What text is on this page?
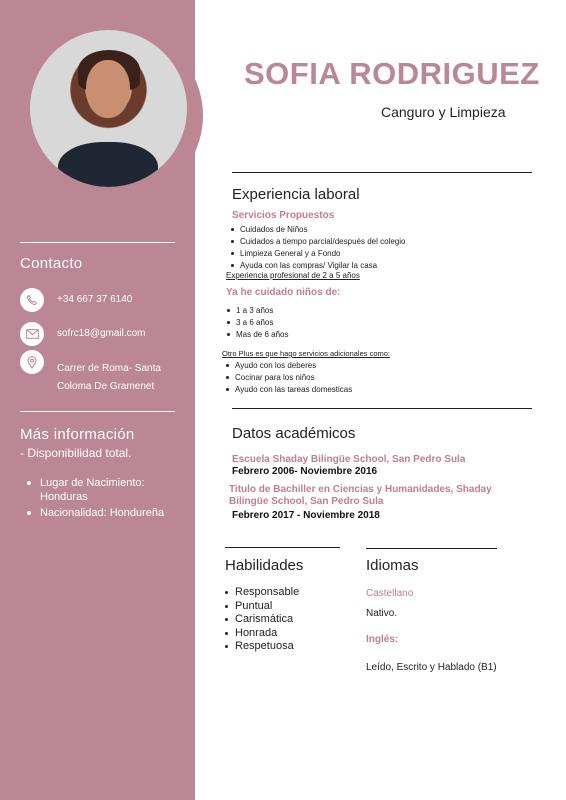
Contacto
+34 667 37 6140
sofrc18@gmail.com
Carrer de Roma- Santa
Coloma De Gramenet
Más información
- Disponibilidad total.
Lugar de Nacimiento: Honduras
Nacionalidad: Hondureña
SOFIA RODRIGUEZ
Canguro y Limpieza
Experiencia laboral
Servicios Propuestos
Cuidados de Niños
Cuidados a tiempo parcial/después del colegio
Limpieza General y a Fondo
Ayuda con las compras/ Vigilar la casa
Experiencia profesional de 2 a 5 años
Ya he cuidado niños de:
1 a 3 años
3 a 6 años
Mas de 6 años
Otro Plus es que hago servicios adicionales como:
Ayudo con los deberes
Cocinar para los niños
Ayudo con las tareas domesticas
Datos académicos
Escuela Shaday Bilingüe School, San Pedro Sula
Febrero 2006- Noviembre 2016
Titulo de Bachiller en Ciencias y Humanidades, Shaday Bilingüe School, San Pedro Sula
Febrero 2017 - Noviembre 2018
Habilidades
Responsable
Puntual
Carismática
Honrada
Respetuosa
Idiomas
Castellano
Nativo.
Inglés:
Leído, Escrito y Hablado (B1)
